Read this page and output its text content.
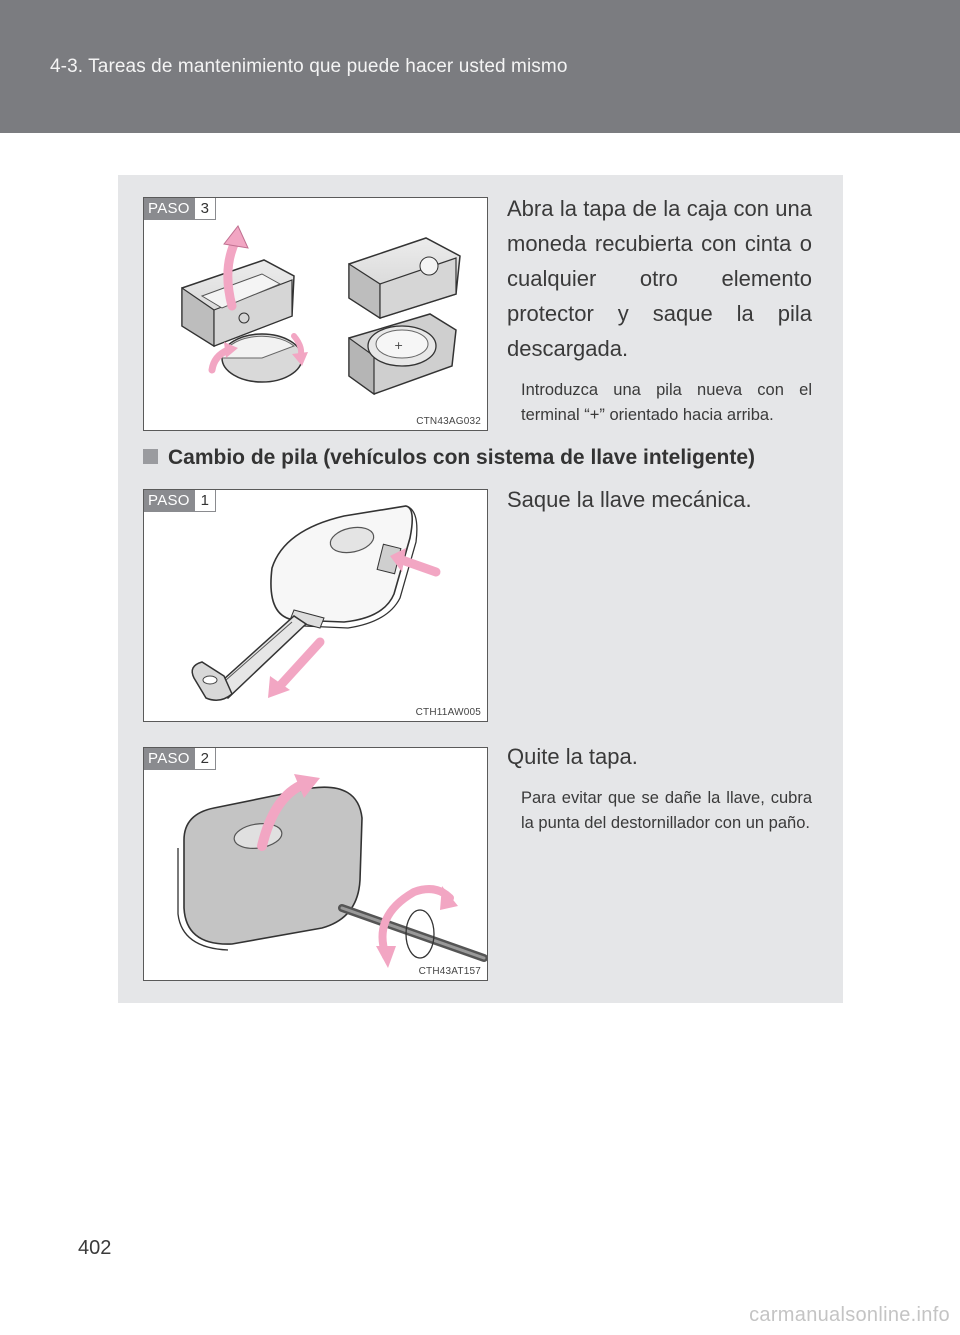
4-3. Tareas de mantenimiento que puede hacer usted mismo
+
PASO 3
CTN43AG032

Abra la tapa de la caja con una moneda recubierta con cinta o cualquier otro elemento protector y saque la pila descargada.

Introduzca una pila nueva con el terminal “+” orientado hacia arriba.

Cambio de pila (vehículos con sistema de llave inteligente)
PASO 1
CTH11AW005

Saque la llave mecánica.

PASO 2
CTH43AT157

Quite la tapa.

Para evitar que se dañe la llave, cubra la punta del destornillador con un paño.

402
carmanualsonline.info
